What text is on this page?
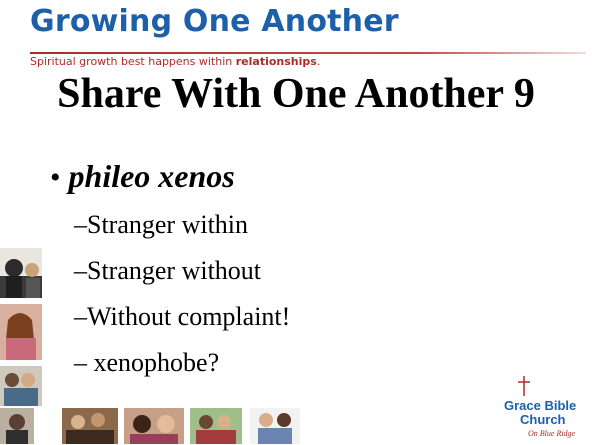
Growing One Another
Spiritual growth best happens within relationships.
Share With One Another 9
• phileo xenos
–Stranger within
–Stranger without
–Without complaint!
– xenophobe?
Grace Bible
Church
On Blue Ridge
